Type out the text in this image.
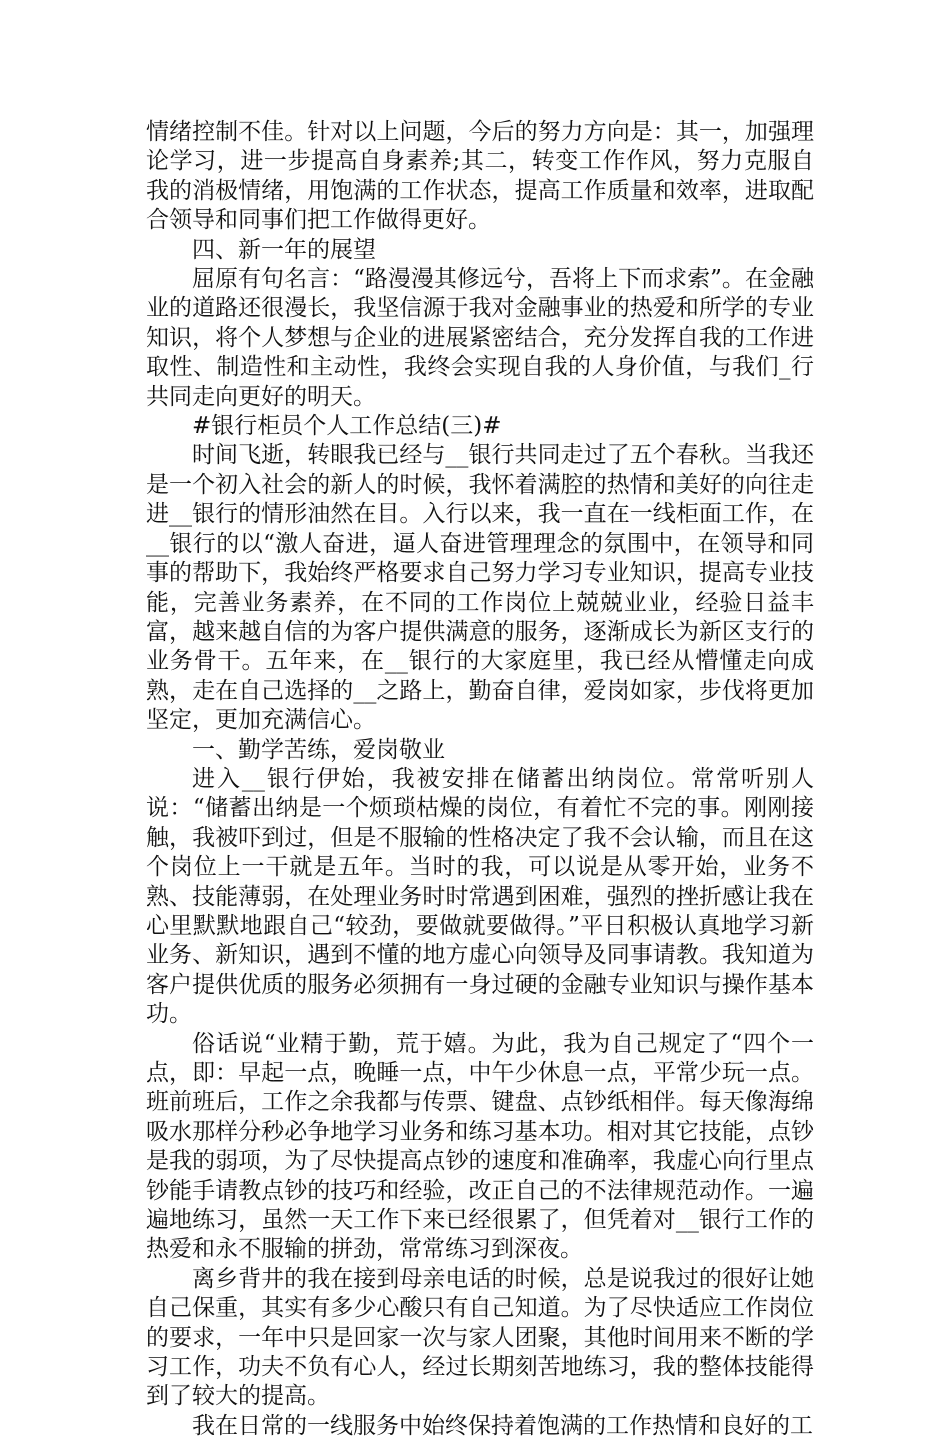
情绪控制不佳。针对以上问题，今后的努力方向是：其一，加强理论学习，进一步提高自身素养;其二，转变工作作风，努力克服自我的消极情绪，用饱满的工作状态，提高工作质量和效率，进取配合领导和同事们把工作做得更好。

四、新一年的展望

屈原有句名言：“路漫漫其修远兮，吾将上下而求索”。在金融业的道路还很漫长，我坚信源于我对金融事业的热爱和所学的专业知识，将个人梦想与企业的进展紧密结合，充分发挥自我的工作进取性、制造性和主动性，我终会实现自我的人身价值，与我们_行共同走向更好的明天。

#银行柜员个人工作总结(三)#

时间飞逝，转眼我已经与__银行共同走过了五个春秋。当我还是一个初入社会的新人的时候，我怀着满腔的热情和美好的向往走进__银行的情形油然在目。入行以来，我一直在一线柜面工作，在__银行的以“激人奋进，逼人奋进管理理念的氛围中，在领导和同事的帮助下，我始终严格要求自己努力学习专业知识，提高专业技能，完善业务素养，在不同的工作岗位上兢兢业业，经验日益丰富，越来越自信的为客户提供满意的服务，逐渐成长为新区支行的业务骨干。五年来，在__银行的大家庭里，我已经从懵懂走向成熟，走在自己选择的__之路上，勤奋自律，爱岗如家，步伐将更加坚定，更加充满信心。

一、勤学苦练，爱岗敬业

进入__银行伊始，我被安排在储蓄出纳岗位。常常听别人说：“储蓄出纳是一个烦琐枯燥的岗位，有着忙不完的事。刚刚接触，我被吓到过，但是不服输的性格决定了我不会认输，而且在这个岗位上一干就是五年。当时的我，可以说是从零开始，业务不熟、技能薄弱，在处理业务时时常遇到困难，强烈的挫折感让我在心里默默地跟自己“较劲，要做就要做得。”平日积极认真地学习新业务、新知识，遇到不懂的地方虚心向领导及同事请教。我知道为客户提供优质的服务必须拥有一身过硬的金融专业知识与操作基本功。

俗话说“业精于勤，荒于嬉。为此，我为自己规定了“四个一点，即：早起一点，晚睡一点，中午少休息一点，平常少玩一点。班前班后，工作之余我都与传票、键盘、点钞纸相伴。每天像海绵吸水那样分秒必争地学习业务和练习基本功。相对其它技能，点钞是我的弱项，为了尽快提高点钞的速度和准确率，我虚心向行里点钞能手请教点钞的技巧和经验，改正自己的不法律规范动作。一遍遍地练习，虽然一天工作下来已经很累了，但凭着对__银行工作的热爱和永不服输的拼劲，常常练习到深夜。

离乡背井的我在接到母亲电话的时候，总是说我过的很好让她自己保重，其实有多少心酸只有自己知道。为了尽快适应工作岗位的要求，一年中只是回家一次与家人团聚，其他时间用来不断的学习工作，功夫不负有心人，经过长期刻苦地练习，我的整体技能得到了较大的提高。

我在日常的一线服务中始终保持着饱满的工作热情和良好的工
